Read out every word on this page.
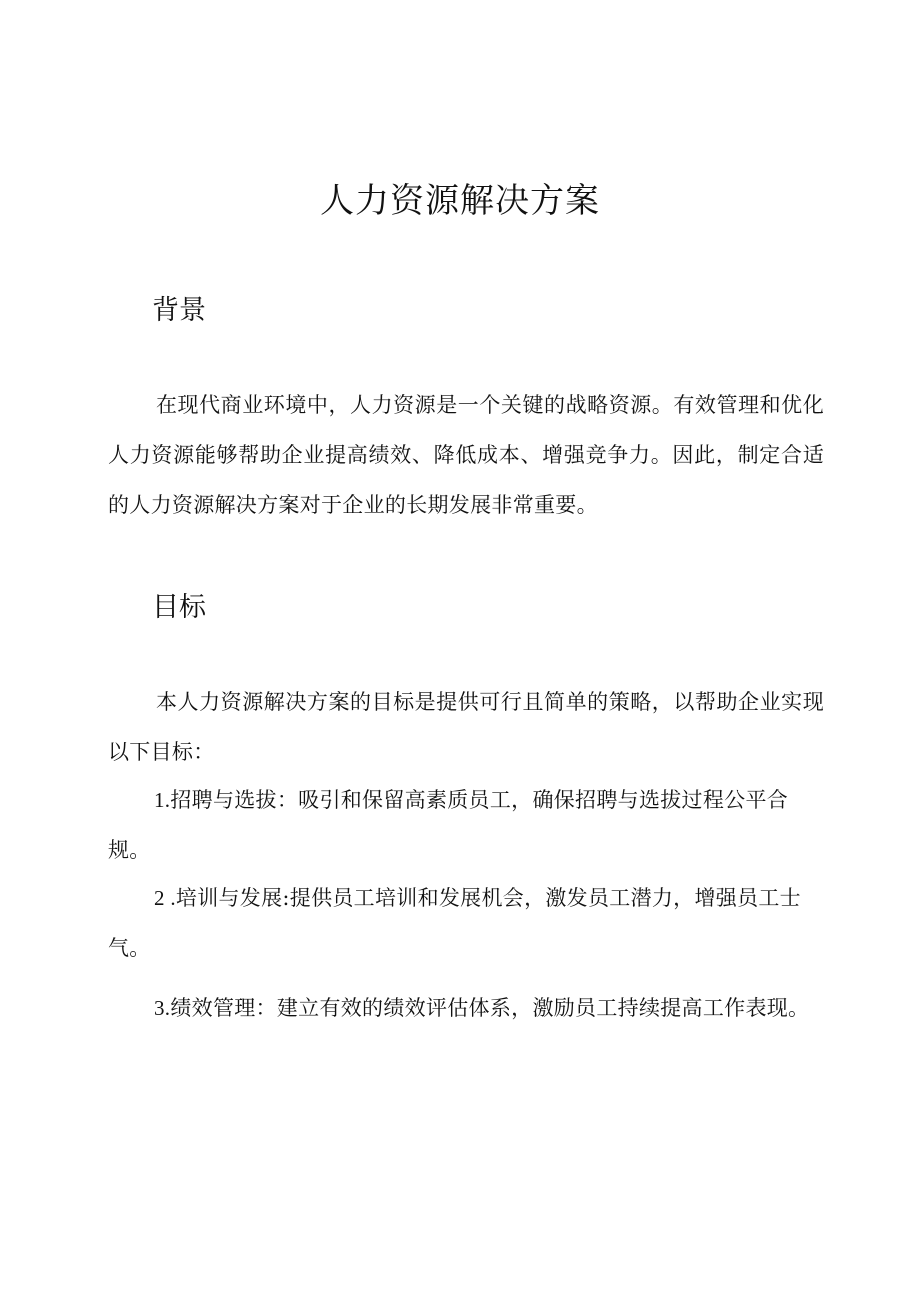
人力资源解决方案
背景

在现代商业环境中，人力资源是一个关键的战略资源。有效管理和优化人力资源能够帮助企业提高绩效、降低成本、增强竞争力。因此，制定合适的人力资源解决方案对于企业的长期发展非常重要。

目标

本人力资源解决方案的目标是提供可行且简单的策略，以帮助企业实现以下目标：

1.招聘与选拔：吸引和保留高素质员工，确保招聘与选拔过程公平合规。

2 .培训与发展:提供员工培训和发展机会，激发员工潜力，增强员工士气。

3.绩效管理：建立有效的绩效评估体系，激励员工持续提高工作表现。
